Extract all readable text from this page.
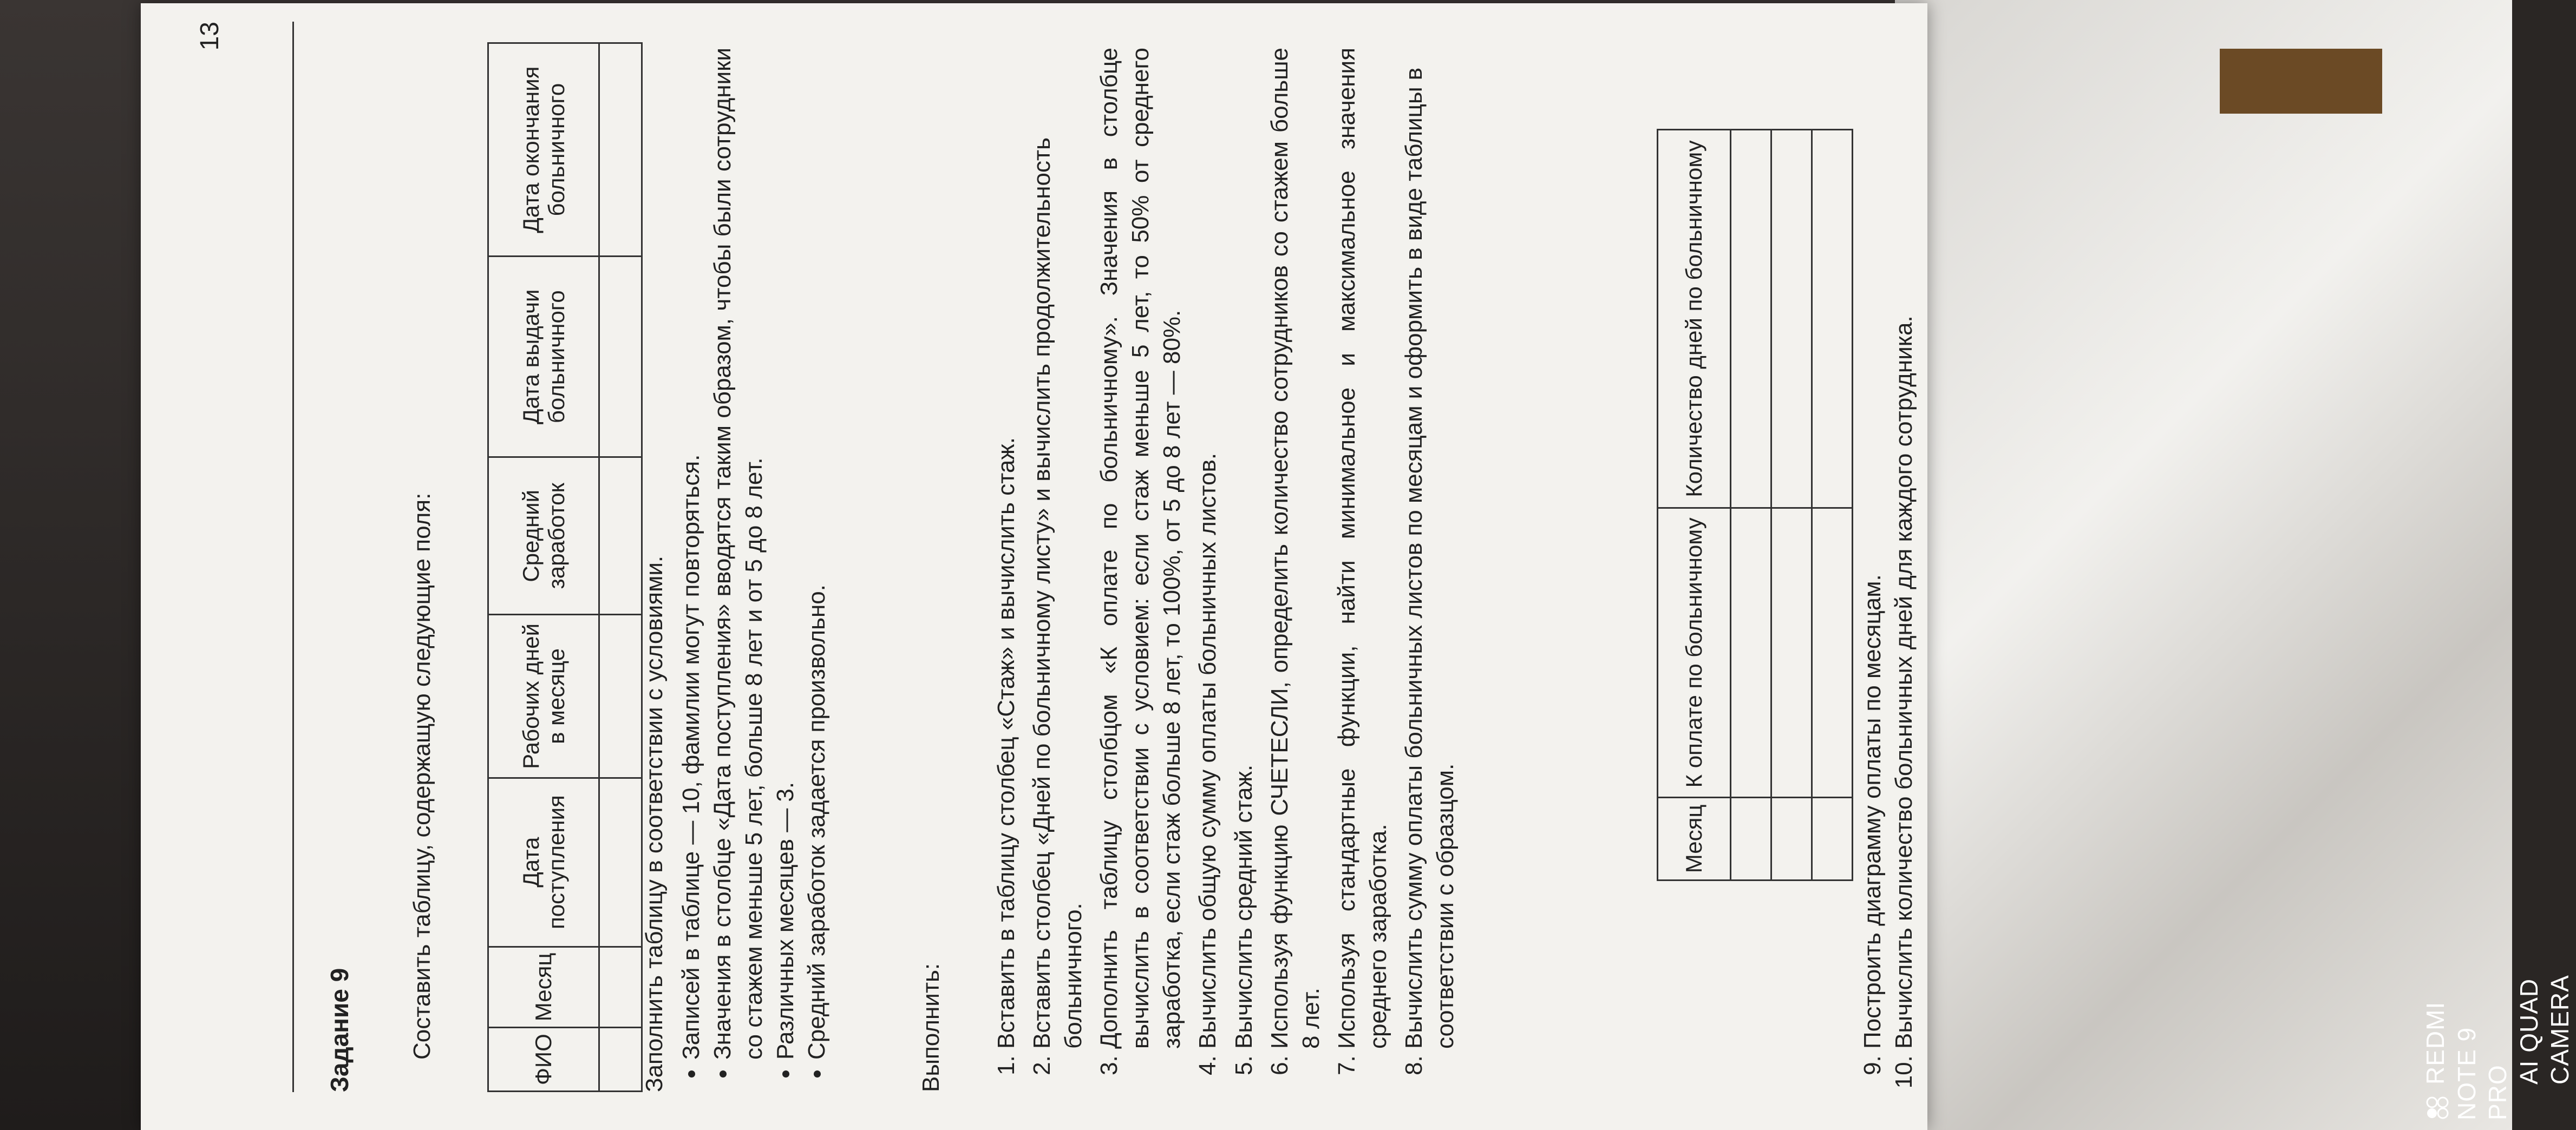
13
Задание 9 Составить таблицу, содержащую следующие поля:	ФИО	Месяц	Дата поступления	Рабочих дней в месяце	Средний заработок	Дата выдачи больничного	Дата окончания больничного

Заполнить таблицу в соответствии с условиями. • Записей в таблице — 10, фамилии могут повторяться. • Значения в столбце «Дата поступления» вводятся таким образом, чтобы были сотрудники со стажем меньше 5 лет, больше 8 лет и от 5 до 8 лет. • Различных месяцев — 3. • Средний заработок задается произвольно.	Выполнить: 1. Вставить в таблицу столбец «Стаж» и вычислить стаж. 2. Вставить столбец «Дней по больничному листу» и вычислить продолжительность больничного. 3. Дополнить таблицу столбцом «К оплате по больничному». Значения в столбце вычислить в соответствии с условием: если стаж меньше 5 лет, то 50% от среднего заработка, если стаж больше 8 лет, то 100%, от 5 до 8 лет — 80%. 4. Вычислить общую сумму оплаты больничных листов. 5. Вычислить средний стаж. 6. Используя функцию СЧЕТЕСЛИ, определить количество сотрудников со стажем больше 8 лет. 7. Используя стандартные функции, найти минимальное и максимальное значения среднего заработка. 8. Вычислить сумму оплаты больничных листов по месяцам и оформить в виде таблицы в соответствии с образцом.	Месяц	К оплате по больничному	Количество дней по больничному

9. Построить диаграмму оплаты по месяцам. 10. Вычислить количество больничных дней для каждого сотрудника.	REDMI NOTE 9 PRO
AI QUAD CAMERA
